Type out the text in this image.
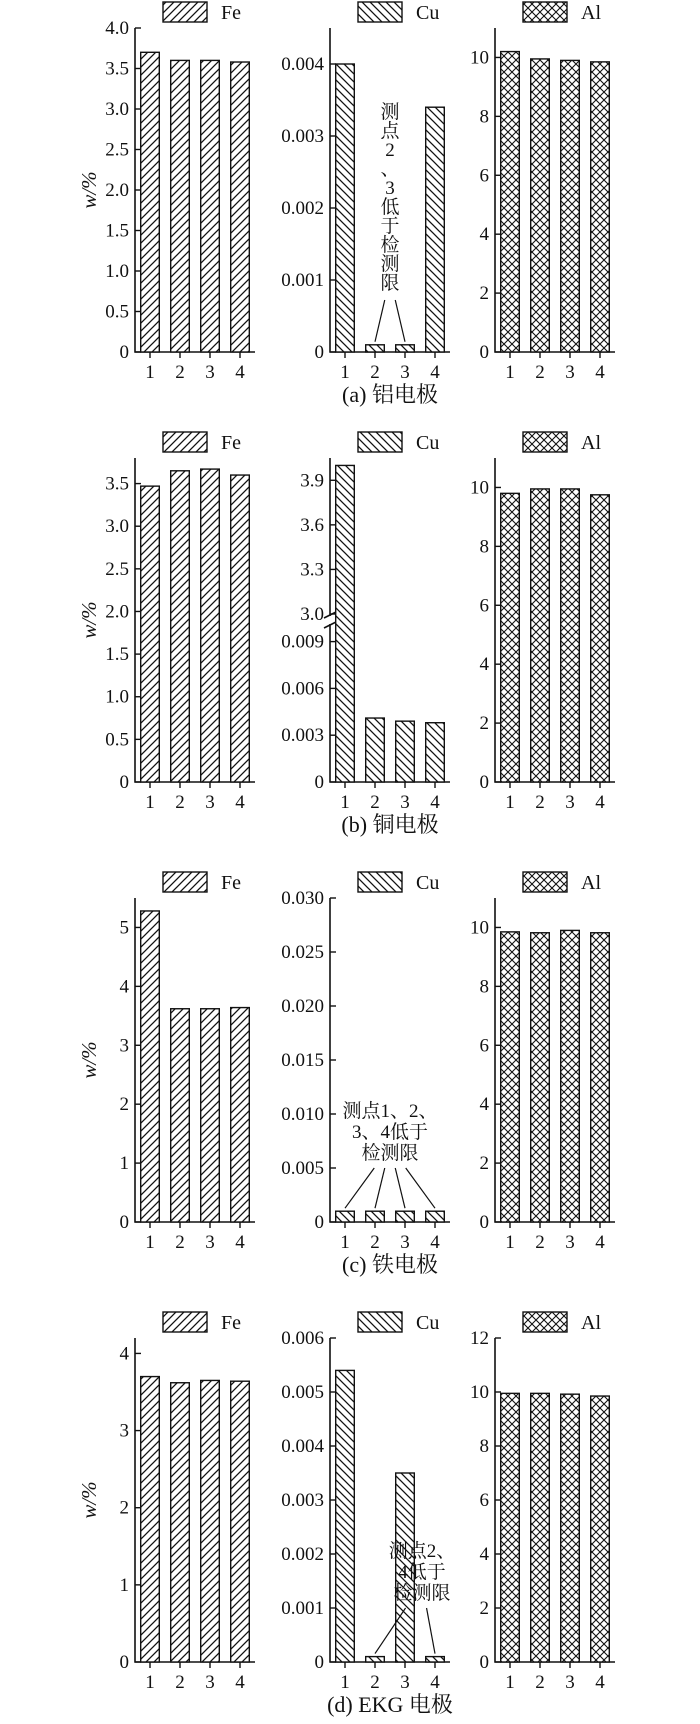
w/%
(a) 铝电极
Fe
0
0.5
1.0
1.5
2.0
2.5
3.0
3.5
4.0
1 2 3 4
Cu
0
0.001
0.002
0.003
0.004
1 2 3 4
测
点
2
、
3
低
于
检
测
限
Al
0
2
4
6
8
10
1 2 3 4
w/%
(b) 铜电极
Fe
0
0.5
1.0
1.5
2.0
2.5
3.0
3.5
1 2 3 4
Cu
0
0.003
0.006
0.009
3.0
3.3
3.6
3.9
1 2 3 4
Al
0
2
4
6
8
10
1 2 3 4
w/%
(c) 铁电极
Fe
0
1
2
3
4
5
1 2 3 4
Cu
0
0.005
0.010
0.015
0.020
0.025
0.030
1 2 3 4
测点1、2、
3、4低于
检测限
Al
0
2
4
6
8
10
1 2 3 4
w/%
(d) EKG 电极
Fe
0
1
2
3
4
1 2 3 4
Cu
0
0.001
0.002
0.003
0.004
0.005
0.006
1 2 3 4
测点2、
4低于
检测限
Al
0
2
4
6
8
10
12
1 2 3 4
